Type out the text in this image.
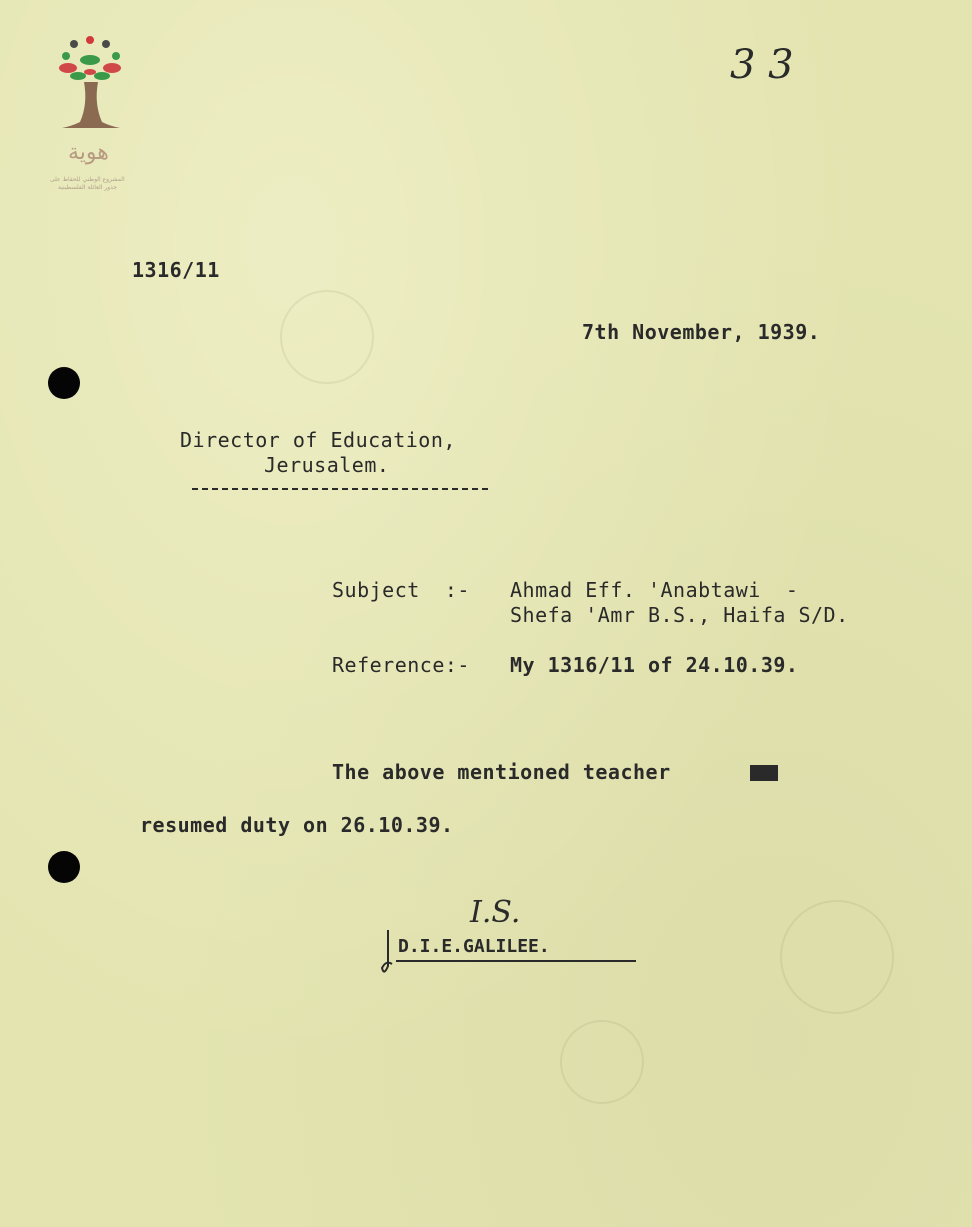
هوية
المشروع الوطني للحفاظ على
جذور العائلة الفلسطينية
3 3
1316/11
7th November, 1939.
Director of Education,
Jerusalem.
Subject  :- Ahmad Eff. 'Anabtawi  -
Shefa 'Amr B.S., Haifa S/D.
Reference:- My 1316/11 of 24.10.39.
The above mentioned teacher	was
resumed duty on 26.10.39.
I.S.
D.I.E.GALILEE.
